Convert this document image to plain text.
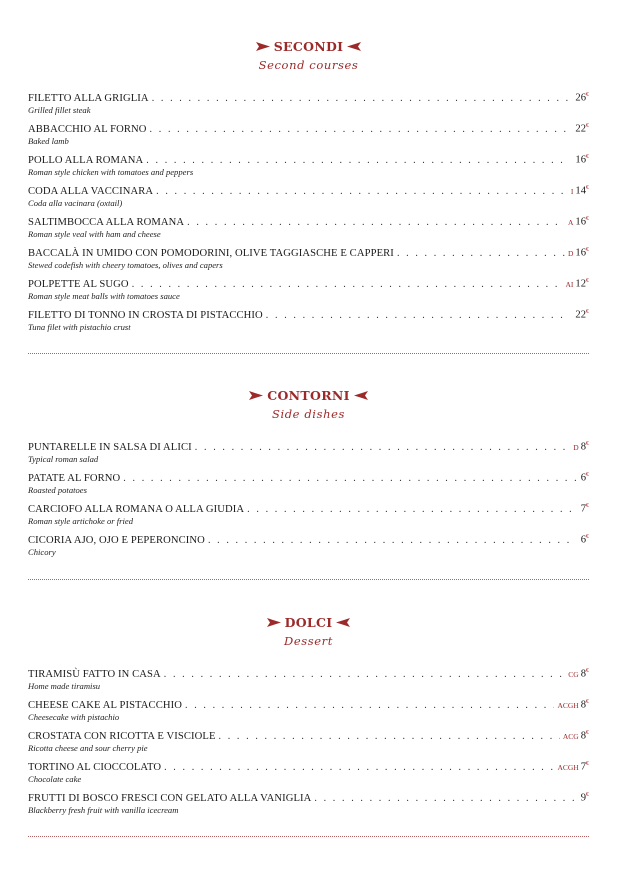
SECONDI
Second courses
FILETTO ALLA GRIGLIA . . .	26€
Grilled fillet steak
ABBACCHIO AL FORNO . . .	22€
Baked lamb
POLLO ALLA ROMANA . . .	16€
Roman style chicken with tomatoes and peppers
CODA ALLA VACCINARA . . .	I 14€
Coda alla vacinara (oxtail)
SALTIMBOCCA ALLA ROMANA . . .	A 16€
Roman style veal with ham and cheese
BACCALÀ IN UMIDO CON POMODORINI, OLIVE TAGGIASCHE E CAPPERI . . .	D 16€
Stewed codefish with cheery tomatoes, olives and capers
POLPETTE AL SUGO . . .	AI 12€
Roman style meat balls with tomatoes sauce
FILETTO DI TONNO IN CROSTA DI PISTACCHIO . . .	22€
Tuna filet with pistachio crust
CONTORNI
Side dishes
PUNTARELLE IN SALSA DI ALICI . . .	D 8€
Typical roman salad
PATATE AL FORNO . . .	6€
Roasted potatoes
CARCIOFO ALLA ROMANA O ALLA GIUDIA . . .	7€
Roman style artichoke or fried
CICORIA AJO, OJO E PEPERONCINO . . .	6€
Chicory
DOLCI
Dessert
TIRAMISÙ FATTO IN CASA . . .	CG 8€
Home made tiramisu
CHEESE CAKE AL PISTACCHIO . . .	ACGH 8€
Cheesecake with pistachio
CROSTATA CON RICOTTA E VISCIOLE . . .	ACG 8€
Ricotta cheese and sour cherry pie
TORTINO AL CIOCCOLATO . . .	ACGH 7€
Chocolate cake
FRUTTI DI BOSCO FRESCI CON GELATO ALLA VANIGLIA . . .	9€
Blackberry fresh fruit with vanilla icecream
